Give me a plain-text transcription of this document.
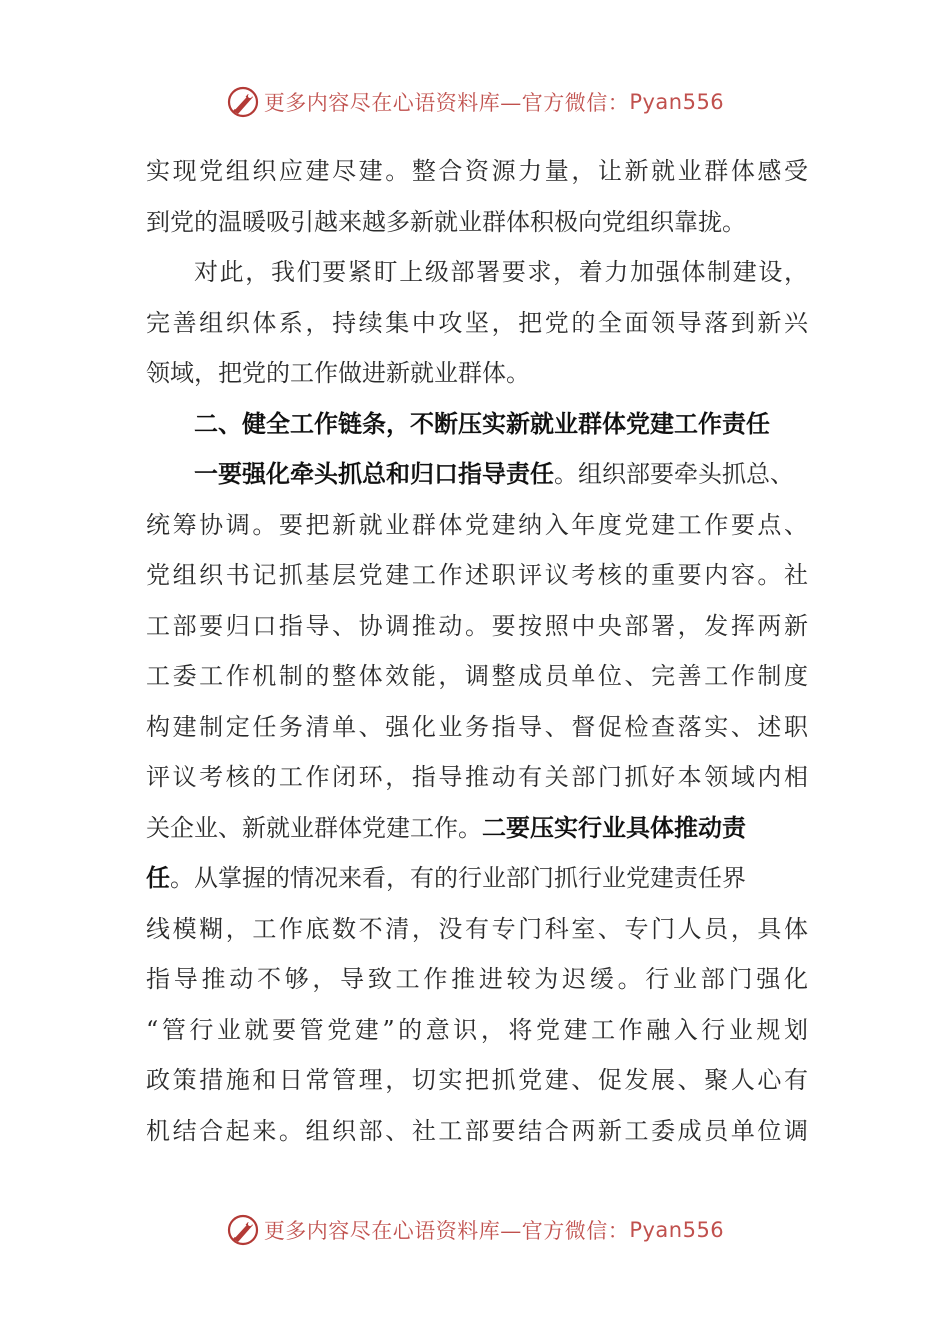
更多内容尽在心语资料库—官方微信： Pyan556
实现党组织应建尽建。整合资源力量，让新就业群体感受
到党的温暖吸引越来越多新就业群体积极向党组织靠拢。
对此，我们要紧盯上级部署要求，着力加强体制建设，
完善组织体系，持续集中攻坚，把党的全面领导落到新兴
领域，把党的工作做进新就业群体。
二、健全工作链条，不断压实新就业群体党建工作责任
一要强化牵头抓总和归口指导责任。组织部要牵头抓总、
统筹协调。要把新就业群体党建纳入年度党建工作要点、
党组织书记抓基层党建工作述职评议考核的重要内容。社
工部要归口指导、协调推动。要按照中央部署，发挥两新
工委工作机制的整体效能，调整成员单位、完善工作制度
构建制定任务清单、强化业务指导、督促检查落实、述职
评议考核的工作闭环，指导推动有关部门抓好本领域内相
关企业、新就业群体党建工作。二要压实行业具体推动责
任。从掌握的情况来看，有的行业部门抓行业党建责任界
线模糊，工作底数不清，没有专门科室、专门人员，具体
指导推动不够，导致工作推进较为迟缓。行业部门强化
“管行业就要管党建”的意识，将党建工作融入行业规划
政策措施和日常管理，切实把抓党建、促发展、聚人心有
机结合起来。组织部、社工部要结合两新工委成员单位调
更多内容尽在心语资料库—官方微信： Pyan556
